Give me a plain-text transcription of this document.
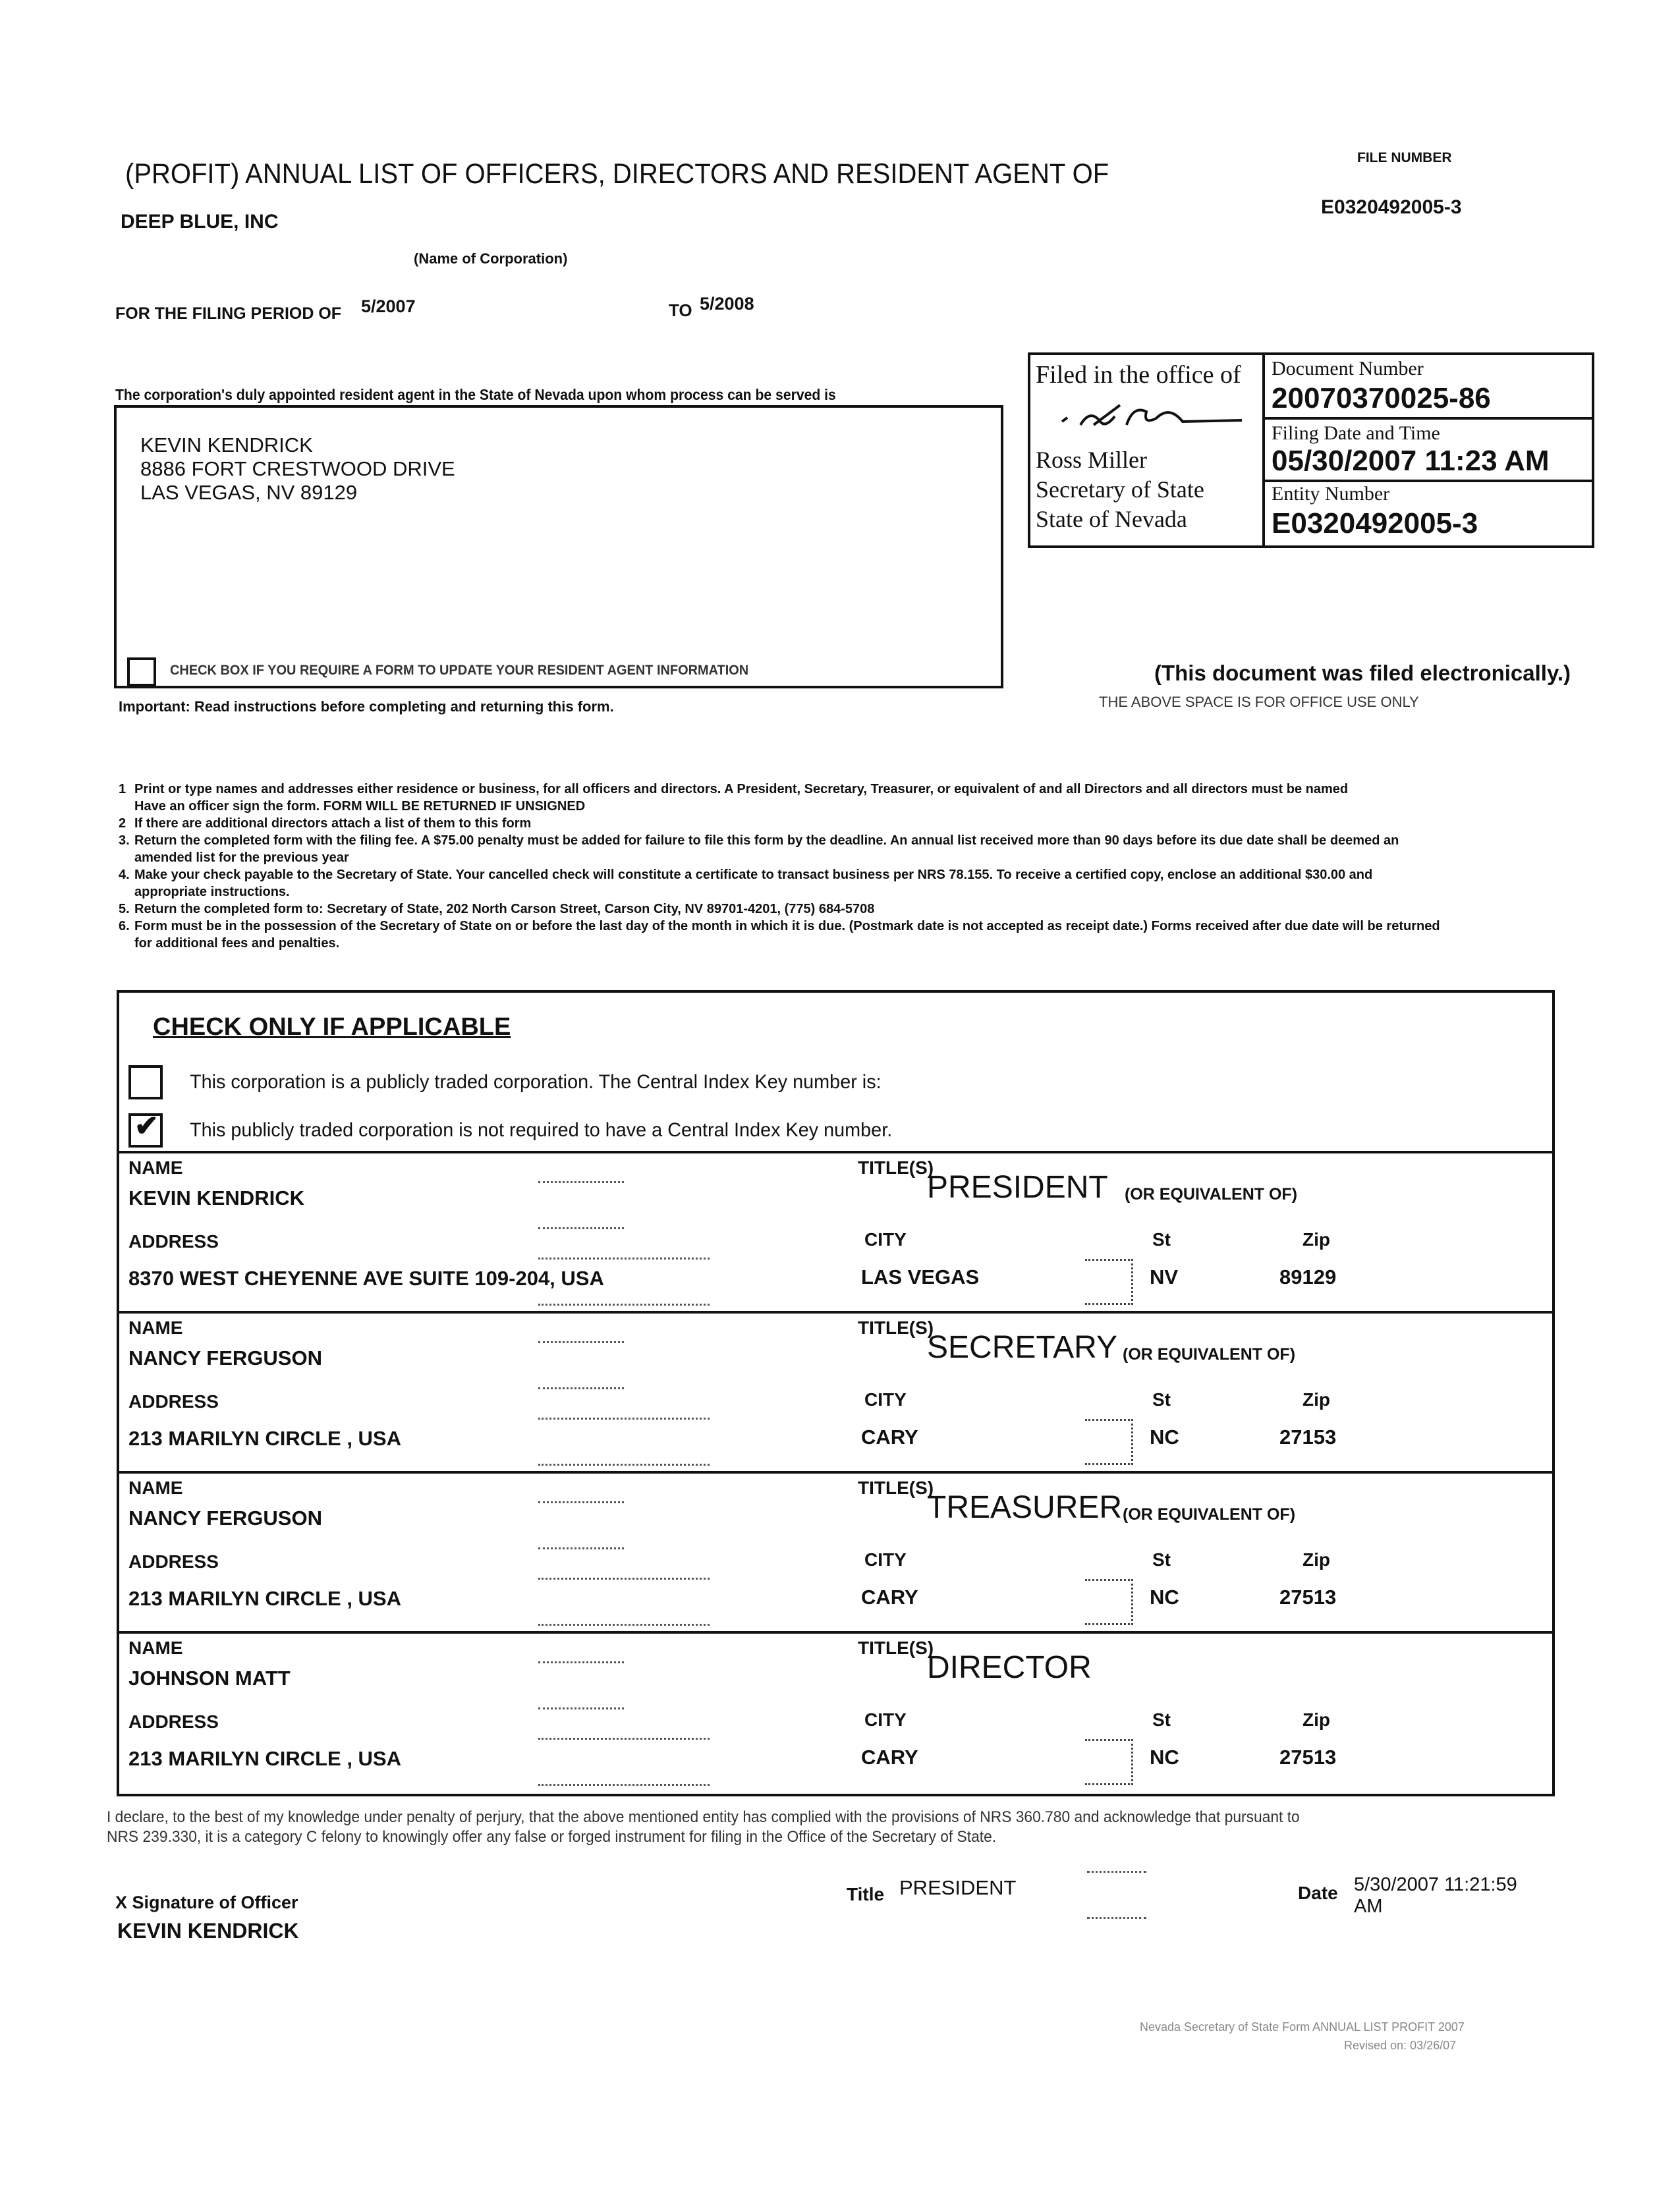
(PROFIT) ANNUAL LIST OF OFFICERS, DIRECTORS AND RESIDENT AGENT OF
FILE NUMBER
E0320492005-3
DEEP BLUE, INC
(Name of Corporation)
FOR THE FILING PERIOD OF 5/2007	TO 5/2008
The corporation's duly appointed resident agent in the State of Nevada upon whom process can be served is
KEVIN KENDRICK
8886 FORT CRESTWOOD DRIVE
LAS VEGAS, NV 89129
CHECK BOX IF YOU REQUIRE A FORM TO UPDATE YOUR RESIDENT AGENT INFORMATION
Important: Read instructions before completing and returning this form.
Filed in the office of
Ross Miller
Secretary of State
State of Nevada
Document Number
20070370025-86
Filing Date and Time
05/30/2007 11:23 AM
Entity Number
E0320492005-3
(This document was filed electronically.)
THE ABOVE SPACE IS FOR OFFICE USE ONLY
1 Print or type names and addresses either residence or business, for all officers and directors. A President, Secretary, Treasurer, or equivalent of and all Directors and all directors must be named
Have an officer sign the form. FORM WILL BE RETURNED IF UNSIGNED
2 If there are additional directors attach a list of them to this form
3. Return the completed form with the filing fee. A $75.00 penalty must be added for failure to file this form by the deadline. An annual list received more than 90 days before its due date shall be deemed an
amended list for the previous year
4. Make your check payable to the Secretary of State. Your cancelled check will constitute a certificate to transact business per NRS 78.155. To receive a certified copy, enclose an additional $30.00 and
appropriate instructions.
5. Return the completed form to: Secretary of State, 202 North Carson Street, Carson City, NV 89701-4201, (775) 684-5708
6. Form must be in the possession of the Secretary of State on or before the last day of the month in which it is due. (Postmark date is not accepted as receipt date.) Forms received after due date will be returned
for additional fees and penalties.
CHECK ONLY IF APPLICABLE
This corporation is a publicly traded corporation. The Central Index Key number is:
✔ This publicly traded corporation is not required to have a Central Index Key number.
NAME
KEVIN KENDRICK
TITLE(S)
PRESIDENT (OR EQUIVALENT OF)
ADDRESS
8370 WEST CHEYENNE AVE SUITE 109-204, USA
CITY
LAS VEGAS
St
NV
Zip
89129
NAME
NANCY FERGUSON
TITLE(S)
SECRETARY (OR EQUIVALENT OF)
ADDRESS
213 MARILYN CIRCLE , USA
CITY
CARY
St
NC
Zip
27153
NAME
NANCY FERGUSON
TITLE(S)
TREASURER (OR EQUIVALENT OF)
ADDRESS
213 MARILYN CIRCLE , USA
CITY
CARY
St
NC
Zip
27513
NAME
JOHNSON MATT
TITLE(S)
DIRECTOR
ADDRESS
213 MARILYN CIRCLE , USA
CITY
CARY
St
NC
Zip
27513
I declare, to the best of my knowledge under penalty of perjury, that the above mentioned entity has complied with the provisions of NRS 360.780 and acknowledge that pursuant to
NRS 239.330, it is a category C felony to knowingly offer any false or forged instrument for filing in the Office of the Secretary of State.
X Signature of Officer
KEVIN KENDRICK
Title PRESIDENT	Date 5/30/2007 11:21:59
AM
Nevada Secretary of State Form ANNUAL LIST PROFIT 2007
Revised on: 03/26/07
